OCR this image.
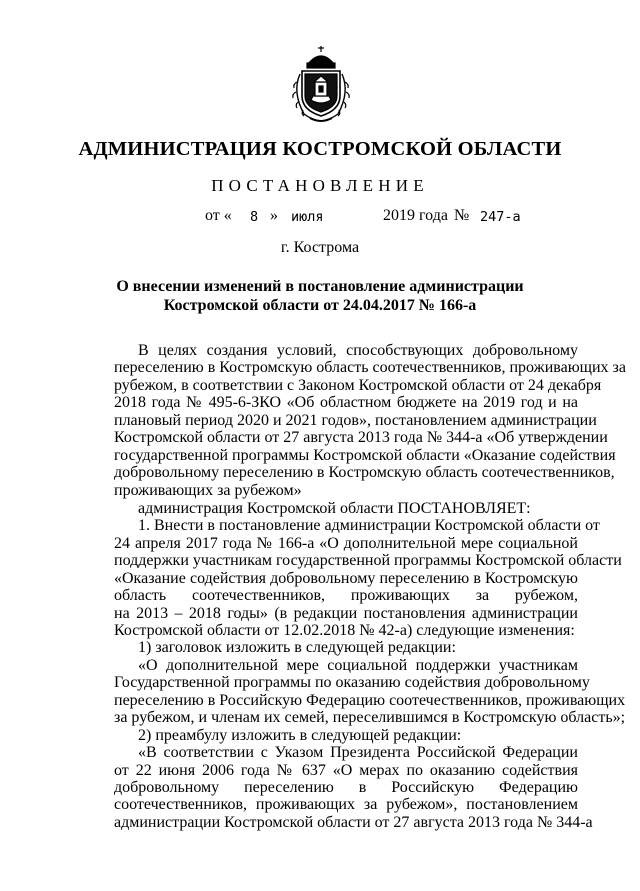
АДМИНИСТРАЦИЯ КОСТРОМСКОЙ ОБЛАСТИ
ПОСТАНОВЛЕНИЕ
от « 8 » июля	2019 года № 247-а
г. Кострома
О внесении изменений в постановление администрации
Костромской области от 24.04.2017 № 166-а
В целях создания условий, способствующих добровольному
переселению в Костромскую область соотечественников, проживающих за
рубежом, в соответствии с Законом Костромской области от 24 декабря
2018 года № 495-6-ЗКО «Об областном бюджете на 2019 год и на
плановый период 2020 и 2021 годов», постановлением администрации
Костромской области от 27 августа 2013 года № 344-а «Об утверждении
государственной программы Костромской области «Оказание содействия
добровольному переселению в Костромскую область соотечественников,
проживающих за рубежом»
администрация Костромской области ПОСТАНОВЛЯЕТ:
1. Внести в постановление администрации Костромской области от
24 апреля 2017 года № 166-а «О дополнительной мере социальной
поддержки участникам государственной программы Костромской области
«Оказание содействия добровольному переселению в Костромскую
область соотечественников, проживающих за рубежом,
на 2013 – 2018 годы» (в редакции постановления администрации
Костромской области от 12.02.2018 № 42-а) следующие изменения:
1) заголовок изложить в следующей редакции:
«О дополнительной мере социальной поддержки участникам
Государственной программы по оказанию содействия добровольному
переселению в Российскую Федерацию соотечественников, проживающих
за рубежом, и членам их семей, переселившимся в Костромскую область»;
2) преамбулу изложить в следующей редакции:
«В соответствии с Указом Президента Российской Федерации
от 22 июня 2006 года № 637 «О мерах по оказанию содействия
добровольному переселению в Российскую Федерацию
соотечественников, проживающих за рубежом», постановлением
администрации Костромской области от 27 августа 2013 года № 344-а
